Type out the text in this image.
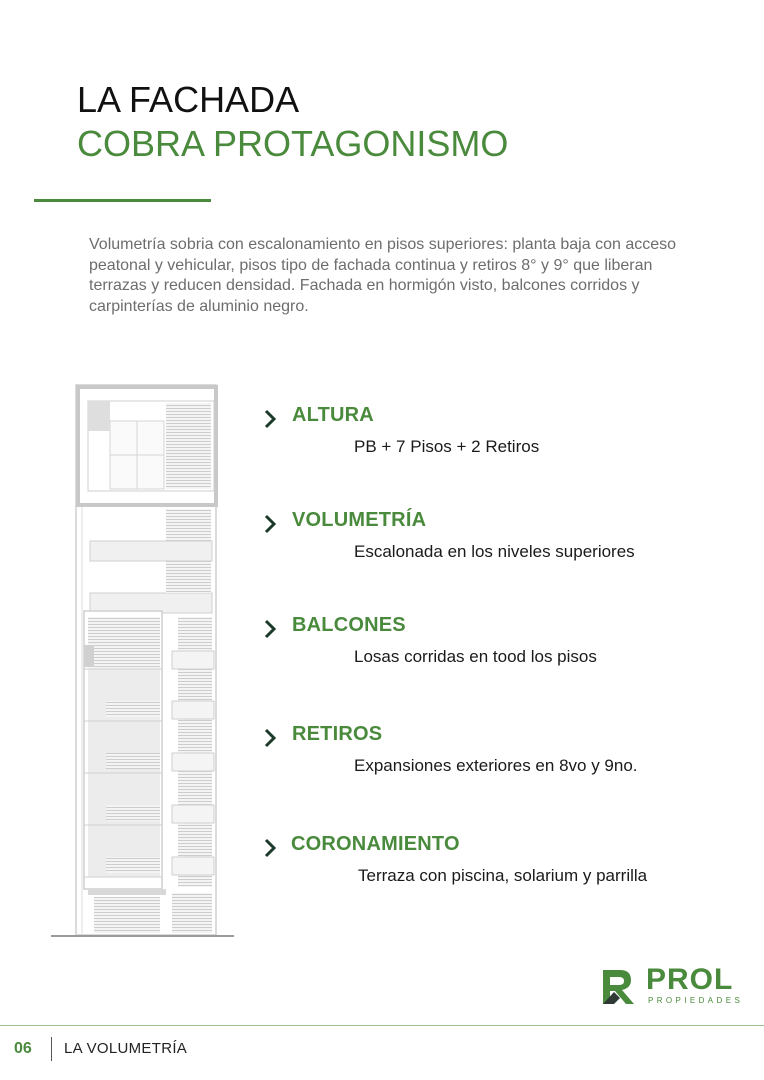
LA FACHADA
COBRA PROTAGONISMO
Volumetría sobria con escalonamiento en pisos superiores: planta baja con acceso peatonal y vehicular, pisos tipo de fachada continua y retiros 8° y 9° que liberan terrazas y reducen densidad. Fachada en hormigón visto, balcones corridos y carpinterías de aluminio negro.
ALTURA
PB + 7 Pisos + 2 Retiros
VOLUMETRÍA
Escalonada en los niveles superiores
BALCONES
Losas corridas en tood los pisos
RETIROS
Expansiones exteriores en 8vo y 9no.
CORONAMIENTO
Terraza con piscina, solarium y parrilla
PROL
PROPIEDADES
06 LA VOLUMETRÍA
